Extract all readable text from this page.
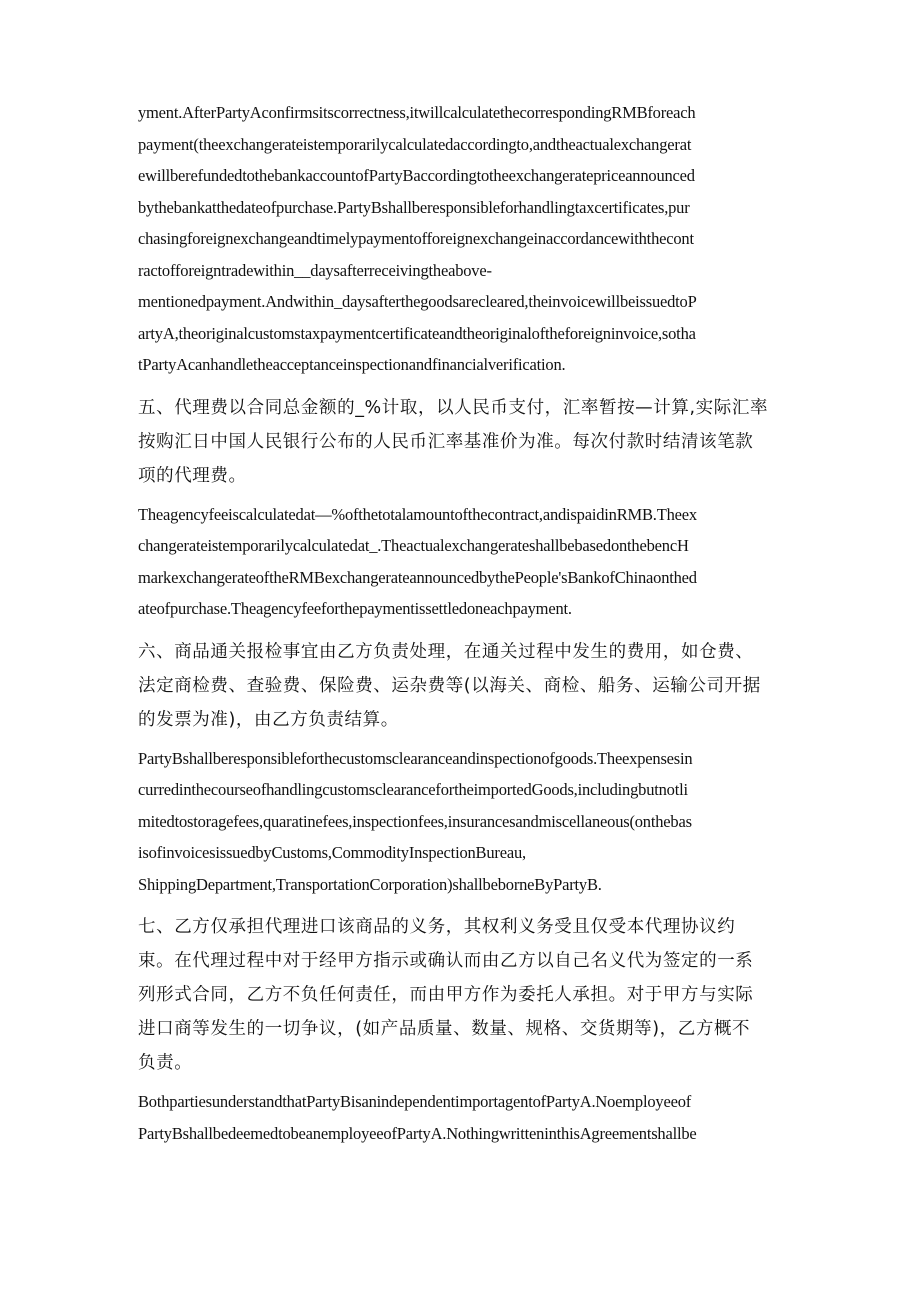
yment.AfterPartyAconfirmsitscorrectness,itwillcalculatethecorrespondingRMBforeach
payment(theexchangerateistemporarilycalculatedaccordingto,andtheactualexchangerat
ewillberefundedtothebankaccountofPartyBaccordingtotheexchangeratepriceannounced
bythebankatthedateofpurchase.PartyBshallberesponsibleforhandlingtaxcertificates,pur
chasingforeignexchangeandtimelypaymentofforeignexchangeinaccordancewiththecont
ractofforeigntradewithin__daysafterreceivingtheabove-
mentionedpayment.Andwithin_daysafterthegoodsarecleared,theinvoicewillbeissuedtoP
artyA,theoriginalcustomstaxpaymentcertificateandtheoriginaloftheforeigninvoice,sotha
tPartyAcanhandletheacceptanceinspectionandfinancialverification.
五、代理费以合同总金额的_%计取，以人民币支付，汇率暂按—计算,实际汇率
按购汇日中国人民银行公布的人民币汇率基准价为准。每次付款时结清该笔款
项的代理费。
Theagencyfeeiscalculatedat—%ofthetotalamountofthecontract,andispaidinRMB.Theex
changerateistemporarilycalculatedat_.TheactualexchangerateshallbebasedonthebencH
markexchangerateoftheRMBexchangerateannouncedbythePeople'sBankofChinaonthed
ateofpurchase.Theagencyfeeforthepaymentissettledoneachpayment.
六、商品通关报检事宜由乙方负责处理，在通关过程中发生的费用，如仓费、
法定商检费、查验费、保险费、运杂费等(以海关、商检、船务、运输公司开据
的发票为准)，由乙方负责结算。
PartyBshallberesponsibleforthecustomsclearanceandinspectionofgoods.Theexpensesin
curredinthecourseofhandlingcustomsclearancefortheimportedGoods,includingbutnotli
mitedtostoragefees,quaratinefees,inspectionfees,insurancesandmiscellaneous(onthebas
isofinvoicesissuedbyCustoms,CommodityInspectionBureau,
ShippingDepartment,TransportationCorporation)shallbeborneByPartyB.
七、乙方仅承担代理进口该商品的义务，其权利义务受且仅受本代理协议约
束。在代理过程中对于经甲方指示或确认而由乙方以自己名义代为签定的一系
列形式合同，乙方不负任何责任，而由甲方作为委托人承担。对于甲方与实际
进口商等发生的一切争议，(如产品质量、数量、规格、交货期等)，乙方概不
负责。
BothpartiesunderstandthatPartyBisanindependentimportagentofPartyA.Noemployeeof
PartyBshallbedeemedtobeanemployeeofPartyA.NothingwritteninthisAgreementshallbe
